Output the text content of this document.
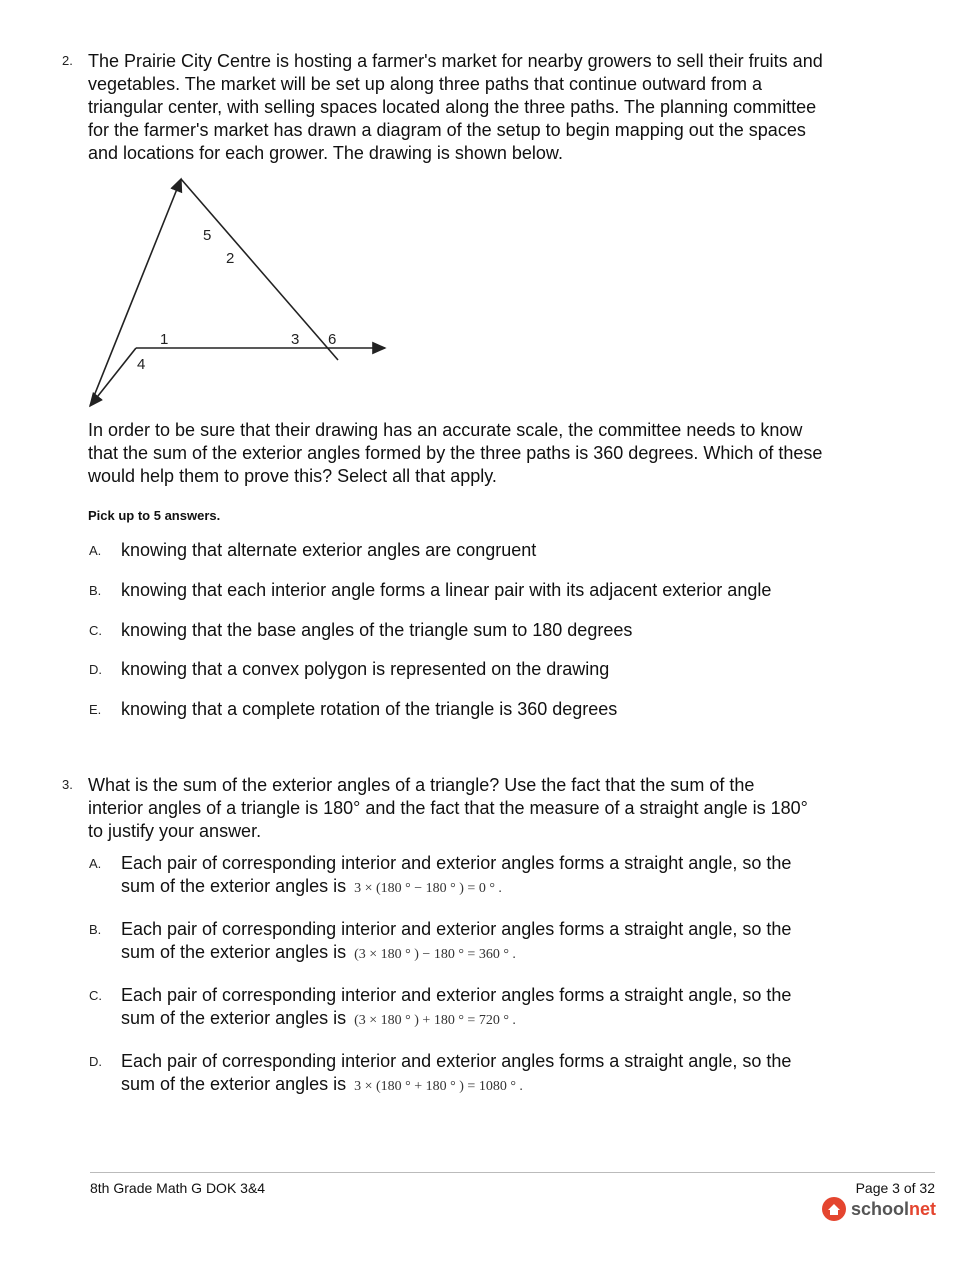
2. The Prairie City Centre is hosting a farmer's market for nearby growers to sell their fruits and vegetables. The market will be set up along three paths that continue outward from a triangular center, with selling spaces located along the three paths. The planning committee for the farmer's market has drawn a diagram of the setup to begin mapping out the spaces and locations for each grower. The drawing is shown below.
1
2
3
4
5
6
In order to be sure that their drawing has an accurate scale, the committee needs to know that the sum of the exterior angles formed by the three paths is 360 degrees. Which of these would help them to prove this? Select all that apply.
Pick up to 5 answers.
A. knowing that alternate exterior angles are congruent
B. knowing that each interior angle forms a linear pair with its adjacent exterior angle
C. knowing that the base angles of the triangle sum to 180 degrees
D. knowing that a convex polygon is represented on the drawing
E. knowing that a complete rotation of the triangle is 360 degrees
3. What is the sum of the exterior angles of a triangle? Use the fact that the sum of the interior angles of a triangle is 180° and the fact that the measure of a straight angle is 180° to justify your answer.
A. Each pair of corresponding interior and exterior angles forms a straight angle, so the sum of the exterior angles is 3 × (180 ° − 180 ° ) = 0 ° .
B. Each pair of corresponding interior and exterior angles forms a straight angle, so the sum of the exterior angles is (3 × 180 ° ) − 180 ° = 360 ° .
C. Each pair of corresponding interior and exterior angles forms a straight angle, so the sum of the exterior angles is (3 × 180 ° ) + 180 ° = 720 ° .
D. Each pair of corresponding interior and exterior angles forms a straight angle, so the sum of the exterior angles is 3 × (180 ° + 180 ° ) = 1080 ° .
8th Grade Math G DOK 3&4	Page 3 of 32
schoolnet
